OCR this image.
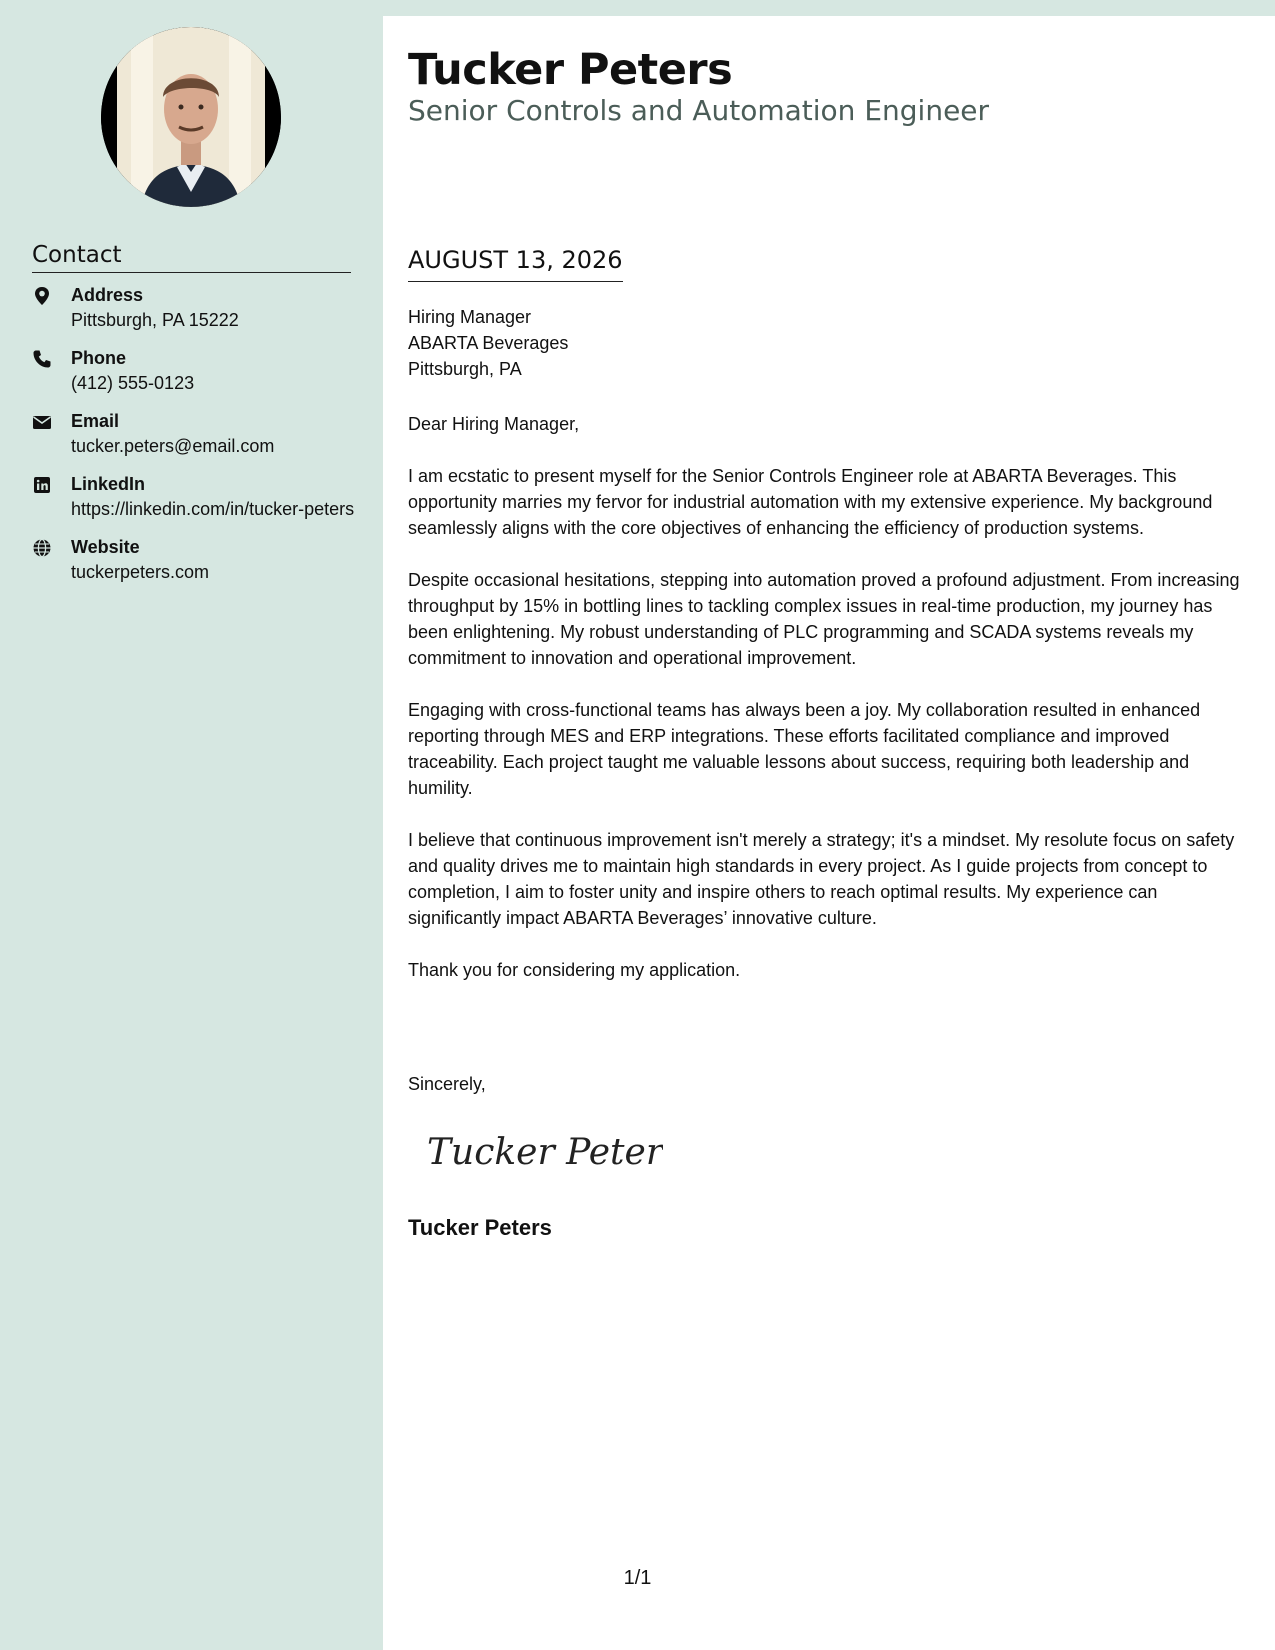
Contact
Address
Pittsburgh, PA 15222
Phone
(412) 555-0123
Email
tucker.peters@email.com
LinkedIn
https://linkedin.com/in/tucker-peters
Website
tuckerpeters.com
Tucker Peters
Senior Controls and Automation Engineer
AUGUST 13, 2026
Hiring Manager
ABARTA Beverages
Pittsburgh, PA

Dear Hiring Manager,

I am ecstatic to present myself for the Senior Controls Engineer role at ABARTA Beverages. This opportunity marries my fervor for industrial automation with my extensive experience. My background seamlessly aligns with the core objectives of enhancing the efficiency of production systems.

Despite occasional hesitations, stepping into automation proved a profound adjustment. From increasing throughput by 15% in bottling lines to tackling complex issues in real-time production, my journey has been enlightening. My robust understanding of PLC programming and SCADA systems reveals my commitment to innovation and operational improvement.

Engaging with cross-functional teams has always been a joy. My collaboration resulted in enhanced reporting through MES and ERP integrations. These efforts facilitated compliance and improved traceability. Each project taught me valuable lessons about success, requiring both leadership and humility.

I believe that continuous improvement isn't merely a strategy; it's a mindset. My resolute focus on safety and quality drives me to maintain high standards in every project. As I guide projects from concept to completion, I aim to foster unity and inspire others to reach optimal results. My experience can significantly impact ABARTA Beverages’ innovative culture.

Thank you for considering my application.

Sincerely,
Tucker Peters
Tucker Peters
1/1
